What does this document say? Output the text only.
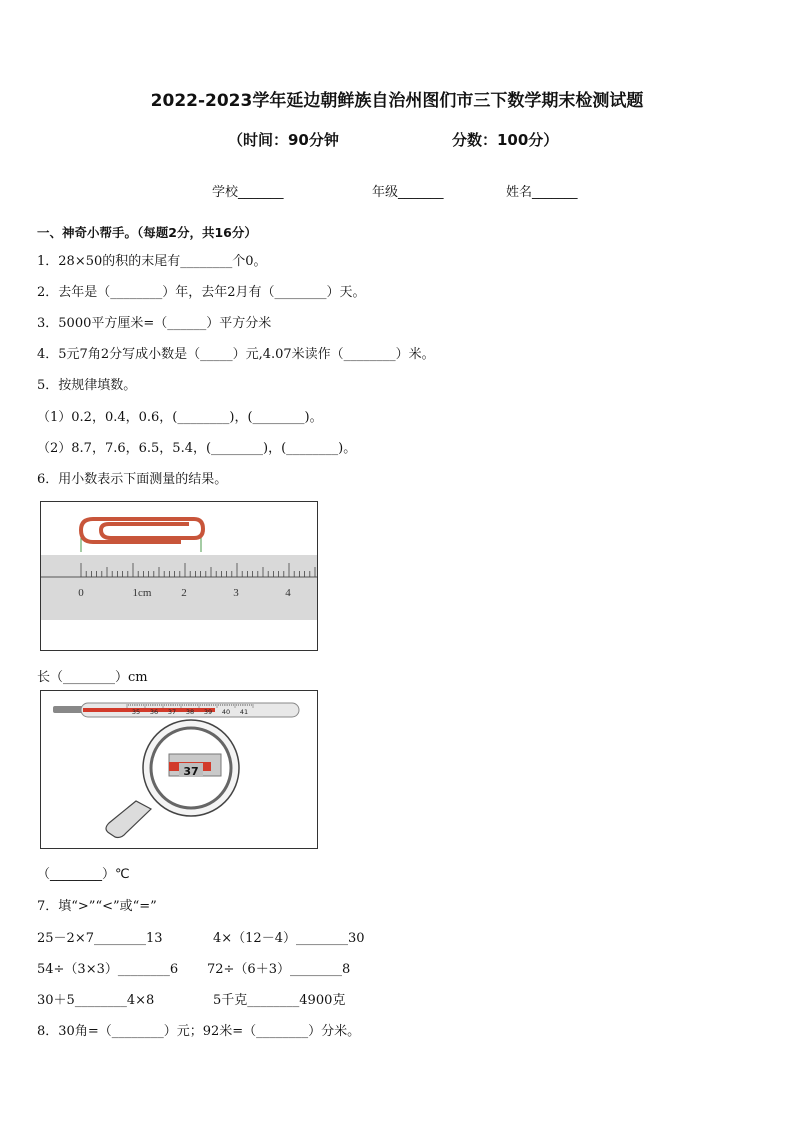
2022-2023学年延边朝鲜族自治州图们市三下数学期末检测试题
（时间：90分钟	分数：100分）
学校_______	年级_______	姓名_______
一、神奇小帮手。（每题2分，共16分）
1．28×50的积的末尾有________个0。
2．去年是（________）年，去年2月有（________）天。
3．5000平方厘米=（______）平方分米
4．5元7角2分写成小数是（_____）元,4.07米读作（________）米。
5．按规律填数。
（1）0.2，0.4，0.6，(________)，(________)。
（2）8.7，7.6，6.5，5.4，(________)，(________)。
6．用小数表示下面测量的结果。
0	1cm	2	3	4
长（________）cm
35 36 37 38 39 40 41
37
（________）℃
7．填“>”“<”或“=”
25－2×7________13	4×（12－4）________30
54÷（3×3）________6 72÷（6＋3）________8
30＋5________4×8	5千克________4900克
8．30角=（________）元；92米=（________）分米。
